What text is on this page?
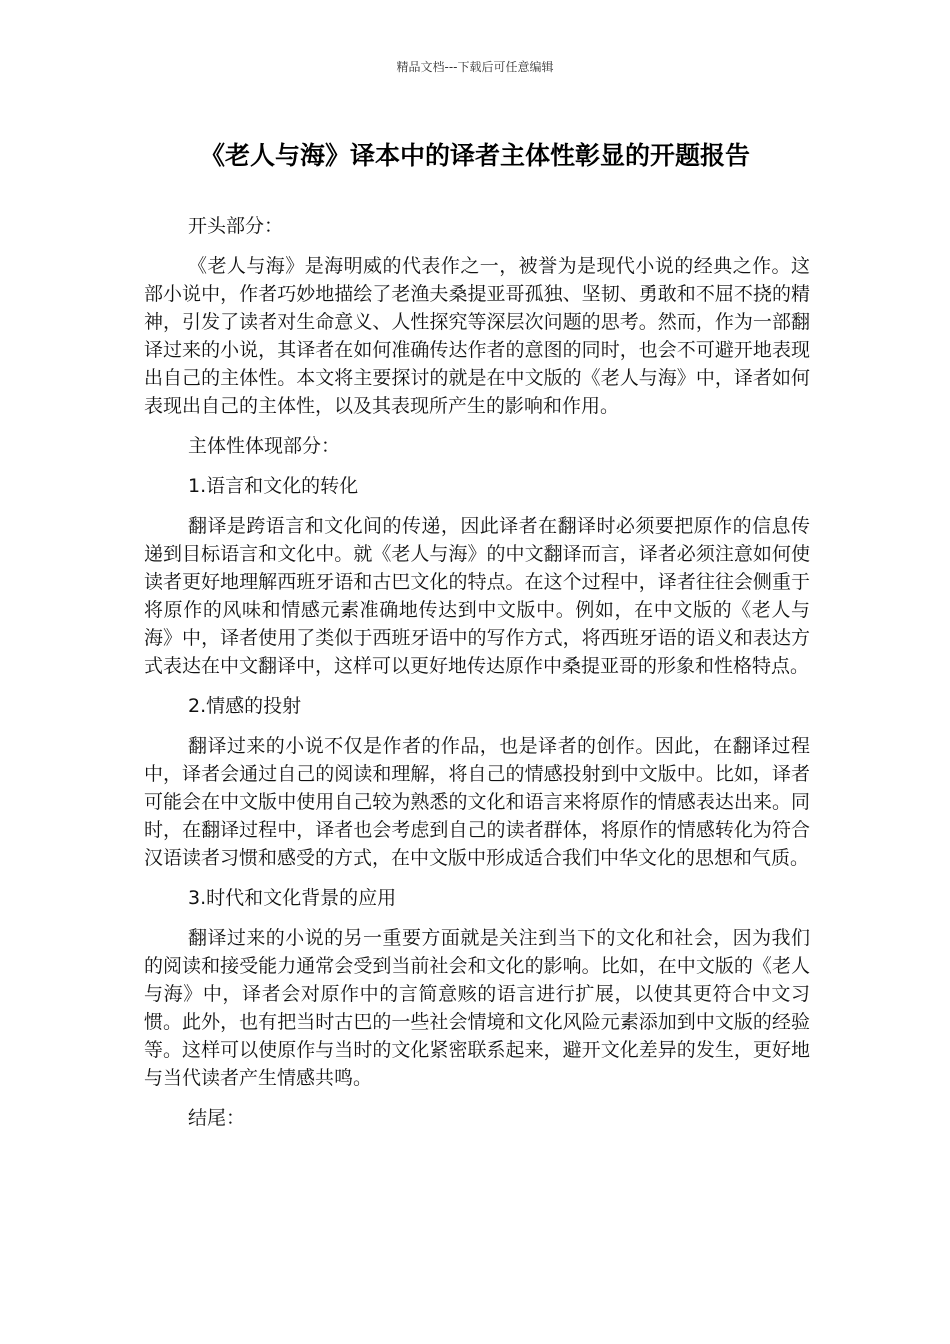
精品文档---下载后可任意编辑
《老人与海》译本中的译者主体性彰显的开题报告
开头部分：
《老人与海》是海明威的代表作之一，被誉为是现代小说的经典之作。这部小说中，作者巧妙地描绘了老渔夫桑提亚哥孤独、坚韧、勇敢和不屈不挠的精神，引发了读者对生命意义、人性探究等深层次问题的思考。然而，作为一部翻译过来的小说，其译者在如何准确传达作者的意图的同时，也会不可避开地表现出自己的主体性。本文将主要探讨的就是在中文版的《老人与海》中，译者如何表现出自己的主体性，以及其表现所产生的影响和作用。
主体性体现部分：
1.语言和文化的转化
翻译是跨语言和文化间的传递，因此译者在翻译时必须要把原作的信息传递到目标语言和文化中。就《老人与海》的中文翻译而言，译者必须注意如何使读者更好地理解西班牙语和古巴文化的特点。在这个过程中，译者往往会侧重于将原作的风味和情感元素准确地传达到中文版中。例如，在中文版的《老人与海》中，译者使用了类似于西班牙语中的写作方式，将西班牙语的语义和表达方式表达在中文翻译中，这样可以更好地传达原作中桑提亚哥的形象和性格特点。
2.情感的投射
翻译过来的小说不仅是作者的作品，也是译者的创作。因此，在翻译过程中，译者会通过自己的阅读和理解，将自己的情感投射到中文版中。比如，译者可能会在中文版中使用自己较为熟悉的文化和语言来将原作的情感表达出来。同时，在翻译过程中，译者也会考虑到自己的读者群体，将原作的情感转化为符合汉语读者习惯和感受的方式，在中文版中形成适合我们中华文化的思想和气质。
3.时代和文化背景的应用
翻译过来的小说的另一重要方面就是关注到当下的文化和社会，因为我们的阅读和接受能力通常会受到当前社会和文化的影响。比如，在中文版的《老人与海》中，译者会对原作中的言简意赅的语言进行扩展，以使其更符合中文习惯。此外，也有把当时古巴的一些社会情境和文化风险元素添加到中文版的经验等。这样可以使原作与当时的文化紧密联系起来，避开文化差异的发生，更好地与当代读者产生情感共鸣。
结尾：
